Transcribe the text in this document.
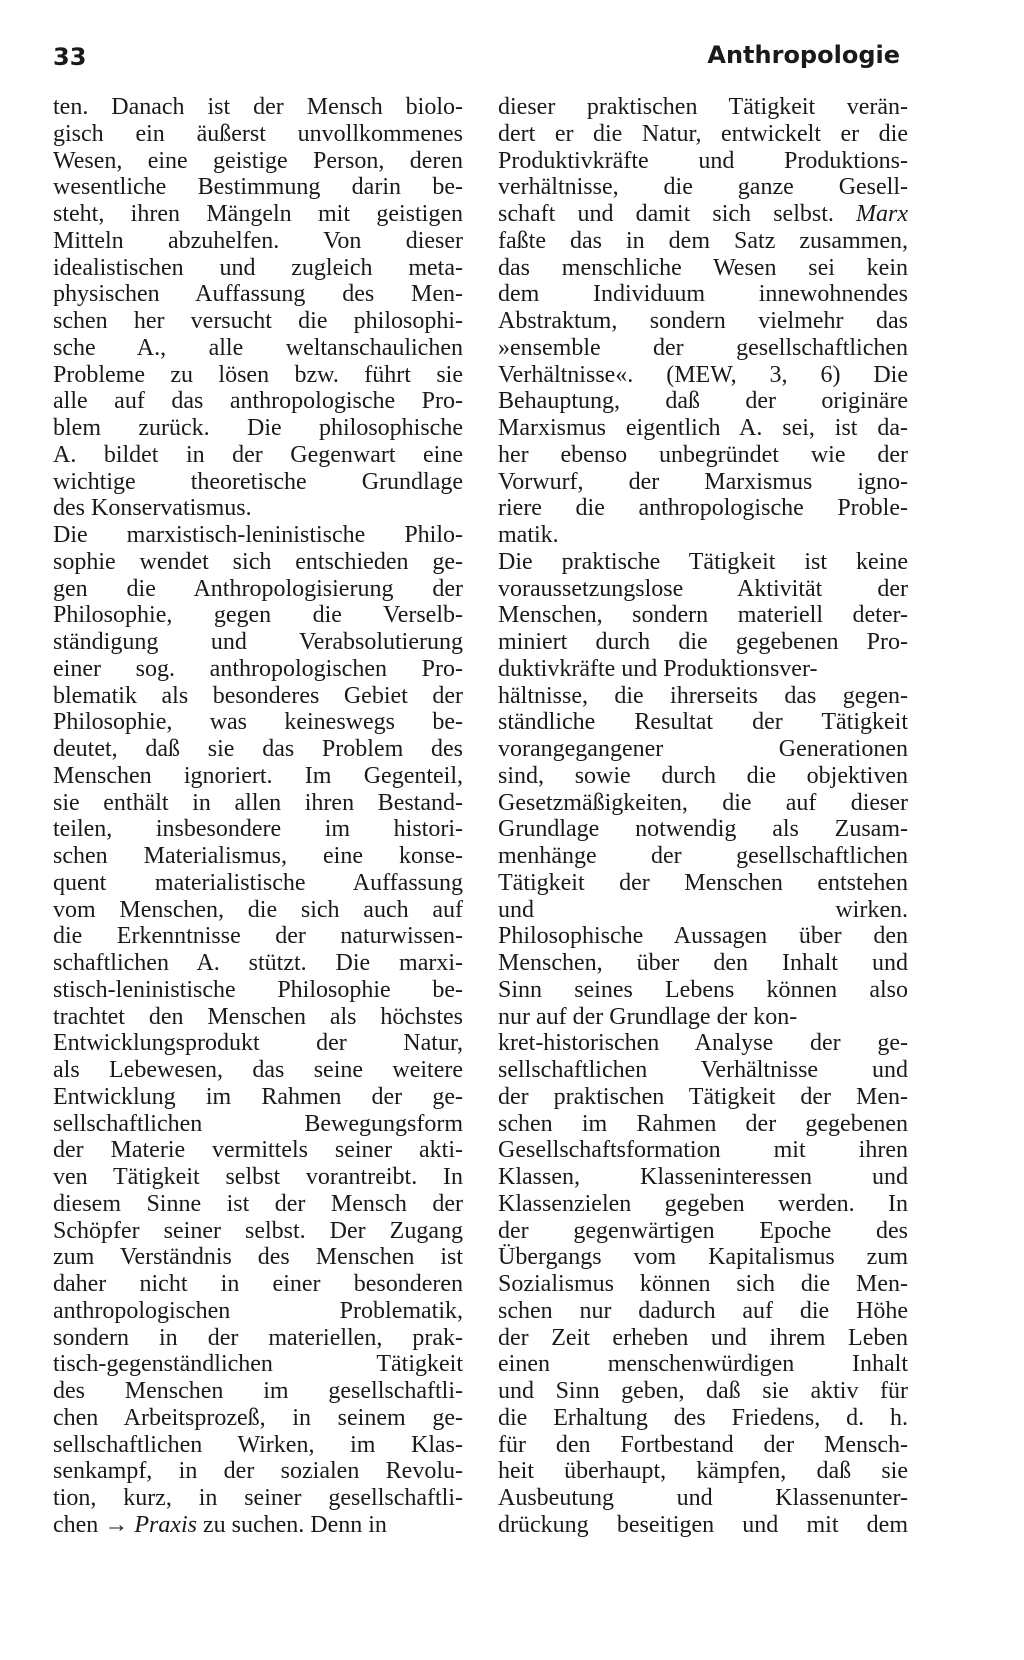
33	Anthropologie
ten. Danach ist der Mensch biolo-
gisch ein äußerst unvollkommenes
Wesen, eine geistige Person, deren
wesentliche Bestimmung darin be-
steht, ihren Mängeln mit geistigen
Mitteln abzuhelfen. Von dieser
idealistischen und zugleich meta-
physischen Auffassung des Men-
schen her versucht die philosophi-
sche A., alle weltanschaulichen
Probleme zu lösen bzw. führt sie
alle auf das anthropologische Pro-
blem zurück. Die philosophische
A. bildet in der Gegenwart eine
wichtige theoretische Grundlage
des Konservatismus.
Die marxistisch-leninistische Philo-
sophie wendet sich entschieden ge-
gen die Anthropologisierung der
Philosophie, gegen die Verselb-
ständigung und Verabsolutierung
einer sog. anthropologischen Pro-
blematik als besonderes Gebiet der
Philosophie, was keineswegs be-
deutet, daß sie das Problem des
Menschen ignoriert. Im Gegenteil,
sie enthält in allen ihren Bestand-
teilen, insbesondere im histori-
schen Materialismus, eine konse-
quent materialistische Auffassung
vom Menschen, die sich auch auf
die Erkenntnisse der naturwissen-
schaftlichen A. stützt. Die marxi-
stisch-leninistische Philosophie be-
trachtet den Menschen als höchstes
Entwicklungsprodukt der Natur,
als Lebewesen, das seine weitere
Entwicklung im Rahmen der ge-
sellschaftlichen Bewegungsform
der Materie vermittels seiner akti-
ven Tätigkeit selbst vorantreibt. In
diesem Sinne ist der Mensch der
Schöpfer seiner selbst. Der Zugang
zum Verständnis des Menschen ist
daher nicht in einer besonderen
anthropologischen Problematik,
sondern in der materiellen, prak-
tisch-gegenständlichen Tätigkeit
des Menschen im gesellschaftli-
chen Arbeitsprozeß, in seinem ge-
sellschaftlichen Wirken, im Klas-
senkampf, in der sozialen Revolu-
tion, kurz, in seiner gesellschaftli-
chen → Praxis zu suchen. Denn in
dieser praktischen Tätigkeit verän-
dert er die Natur, entwickelt er die
Produktivkräfte und Produktions-
verhältnisse, die ganze Gesell-
schaft und damit sich selbst. Marx
faßte das in dem Satz zusammen,
das menschliche Wesen sei kein
dem Individuum innewohnendes
Abstraktum, sondern vielmehr das
»ensemble der gesellschaftlichen
Verhältnisse«. (MEW, 3, 6) Die
Behauptung, daß der originäre
Marxismus eigentlich A. sei, ist da-
her ebenso unbegründet wie der
Vorwurf, der Marxismus igno-
riere die anthropologische Proble-
matik.
Die praktische Tätigkeit ist keine
voraussetzungslose Aktivität der
Menschen, sondern materiell deter-
miniert durch die gegebenen Pro-
duktivkräfte und Produktionsver-
hältnisse, die ihrerseits das gegen-
ständliche Resultat der Tätigkeit
vorangegangener Generationen
sind, sowie durch die objektiven
Gesetzmäßigkeiten, die auf dieser
Grundlage notwendig als Zusam-
menhänge der gesellschaftlichen
Tätigkeit der Menschen entstehen
und wirken.
Philosophische Aussagen über den
Menschen, über den Inhalt und
Sinn seines Lebens können also
nur auf der Grundlage der kon-
kret-historischen Analyse der ge-
sellschaftlichen Verhältnisse und
der praktischen Tätigkeit der Men-
schen im Rahmen der gegebenen
Gesellschaftsformation mit ihren
Klassen, Klasseninteressen und
Klassenzielen gegeben werden. In
der gegenwärtigen Epoche des
Übergangs vom Kapitalismus zum
Sozialismus können sich die Men-
schen nur dadurch auf die Höhe
der Zeit erheben und ihrem Leben
einen menschenwürdigen Inhalt
und Sinn geben, daß sie aktiv für
die Erhaltung des Friedens, d. h.
für den Fortbestand der Mensch-
heit überhaupt, kämpfen, daß sie
Ausbeutung und Klassenunter-
drückung beseitigen und mit dem
